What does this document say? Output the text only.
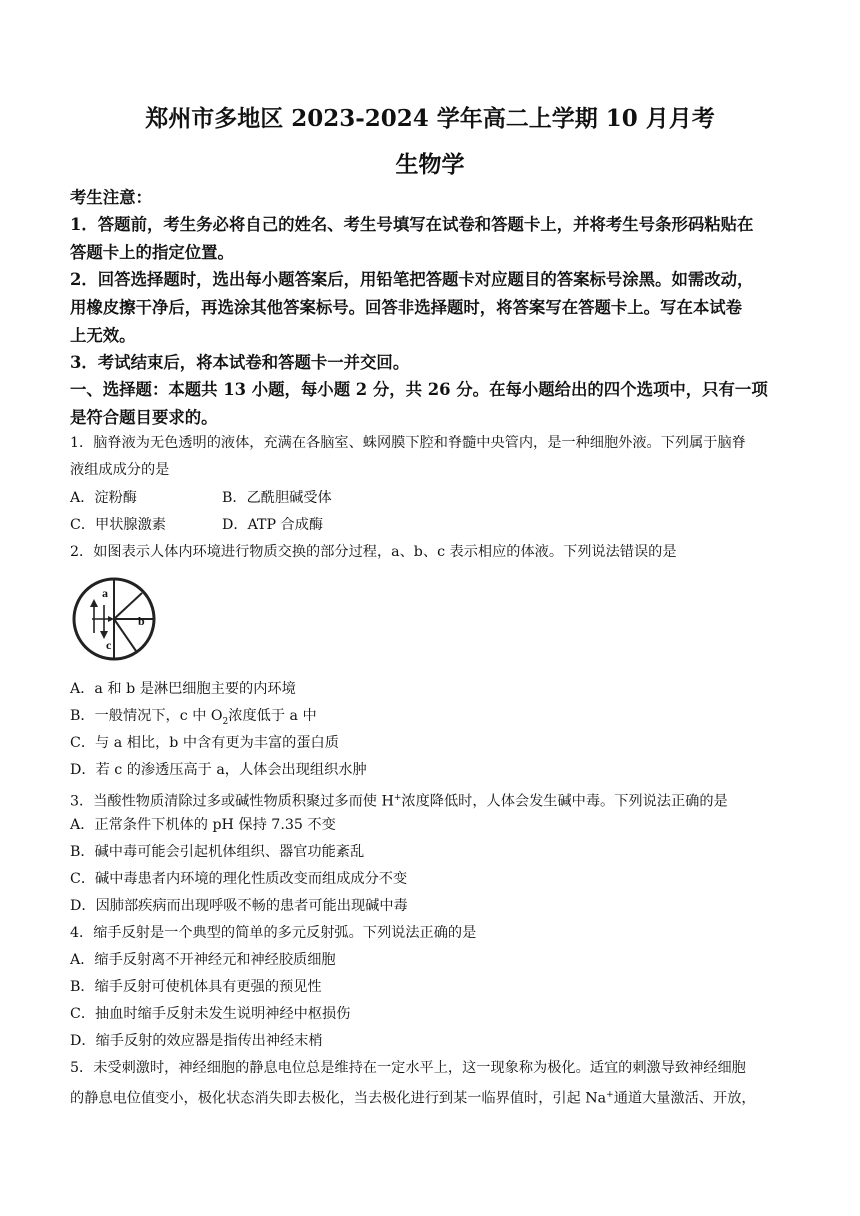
郑州市多地区 2023-2024 学年高二上学期 10 月月考
生物学
考生注意：
1．答题前，考生务必将自己的姓名、考生号填写在试卷和答题卡上，并将考生号条形码粘贴在
答题卡上的指定位置。
2．回答选择题时，选出每小题答案后，用铅笔把答题卡对应题目的答案标号涂黑。如需改动，
用橡皮擦干净后，再选涂其他答案标号。回答非选择题时，将答案写在答题卡上。写在本试卷
上无效。
3．考试结束后，将本试卷和答题卡一并交回。
一、选择题：本题共 13 小题，每小题 2 分，共 26 分。在每小题给出的四个选项中，只有一项
是符合题目要求的。
1．脑脊液为无色透明的液体，充满在各脑室、蛛网膜下腔和脊髓中央管内，是一种细胞外液。下列属于脑脊
液组成成分的是
A．淀粉酶	B．乙酰胆碱受体
C．甲状腺激素	D．ATP 合成酶
2．如图表示人体内环境进行物质交换的部分过程，a、b、c 表示相应的体液。下列说法错误的是
a
b
c
A．a 和 b 是淋巴细胞主要的内环境
B．一般情况下，c 中 $O_2$浓度低于 a 中
C．与 a 相比，b 中含有更为丰富的蛋白质
D．若 c 的渗透压高于 a，人体会出现组织水肿
3．当酸性物质清除过多或碱性物质积聚过多而使 H+浓度降低时，人体会发生碱中毒。下列说法正确的是
A．正常条件下机体的 pH 保持 7.35 不变
B．碱中毒可能会引起机体组织、器官功能紊乱
C．碱中毒患者内环境的理化性质改变而组成成分不变
D．因肺部疾病而出现呼吸不畅的患者可能出现碱中毒
4．缩手反射是一个典型的简单的多元反射弧。下列说法正确的是
A．缩手反射离不开神经元和神经胶质细胞
B．缩手反射可使机体具有更强的预见性
C．抽血时缩手反射未发生说明神经中枢损伤
D．缩手反射的效应器是指传出神经末梢
5．未受刺激时，神经细胞的静息电位总是维持在一定水平上，这一现象称为极化。适宜的刺激导致神经细胞
的静息电位值变小，极化状态消失即去极化，当去极化进行到某一临界值时，引起 Na+通道大量激活、开放，
